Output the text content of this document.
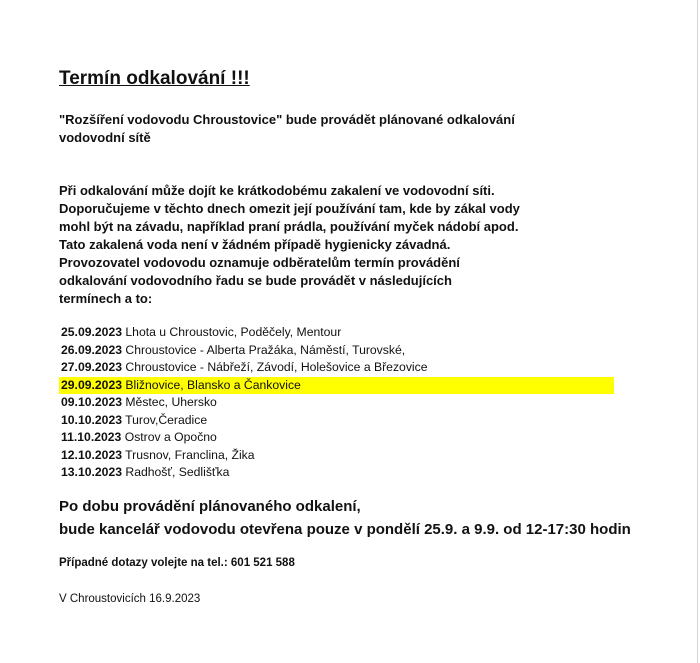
Termín odkalování !!!
"Rozšíření vodovodu Chroustovice" bude provádět plánované odkalování
vodovodní sítě
Při odkalování může dojít ke krátkodobému zakalení ve vodovodní síti.
Doporučujeme v těchto dnech omezit její používání tam, kde by zákal vody
mohl být na závadu, například praní prádla, používání myček nádobí apod.
Tato zakalená voda není v žádném případě hygienicky závadná.
Provozovatel vodovodu oznamuje odběratelům termín provádění
odkalování vodovodního řadu se bude provádět v následujících
termínech a to:
25.09.2023 Lhota u Chroustovic, Poděčely, Mentour
26.09.2023 Chroustovice - Alberta Pražáka, Náměstí, Turovské,
27.09.2023 Chroustovice - Nábřeží, Závodí, Holešovice a Březovice
29.09.2023 Bližnovice, Blansko a Čankovice
09.10.2023 Městec, Uhersko
10.10.2023 Turov,Čeradice
11.10.2023 Ostrov a Opočno
12.10.2023 Trusnov, Franclina, Žika
13.10.2023 Radhošť, Sedlišťka
Po dobu provádění plánovaného odkalení,
bude kancelář vodovodu otevřena pouze v pondělí 25.9. a 9.9. od 12-17:30 hodin
Případné dotazy volejte na tel.: 601 521 588
V Chroustovicích 16.9.2023
